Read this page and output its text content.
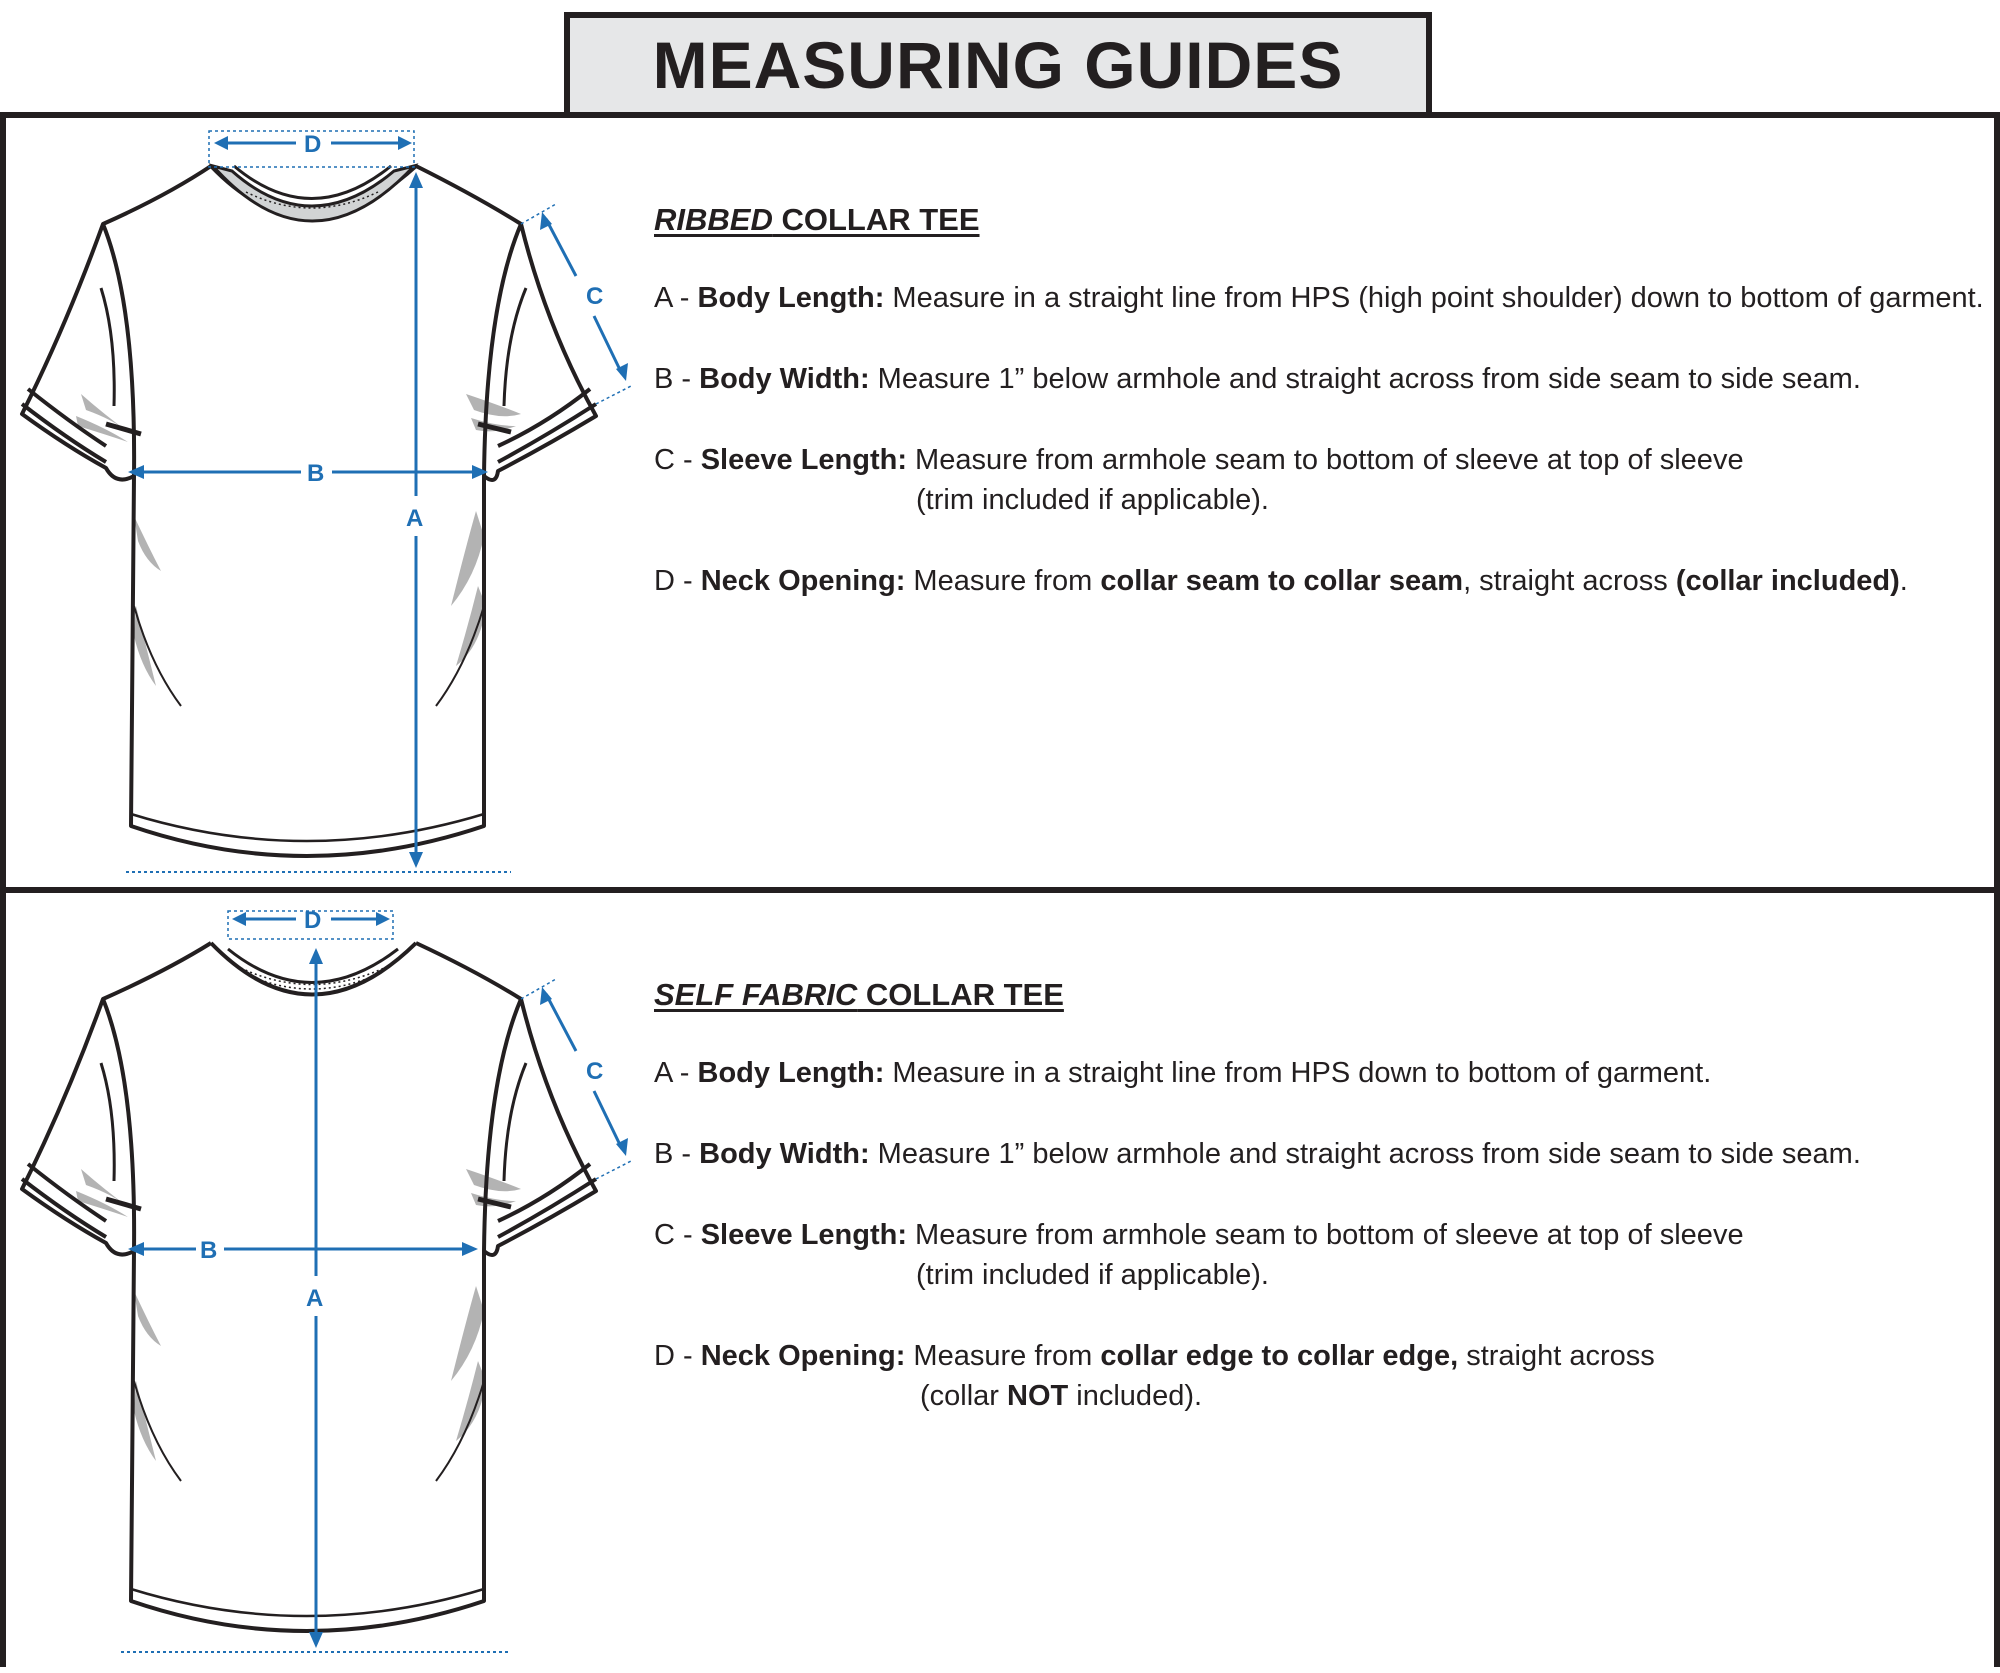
MEASURING GUIDES
D
A
B
C
RIBBED COLLAR TEE
A - Body Length: Measure in a straight line from HPS (high point shoulder) down to bottom of garment.
B - Body Width: Measure 1” below armhole and straight across from side seam to side seam.
C - Sleeve Length: Measure from armhole seam to bottom of sleeve at top of sleeve
(trim included if applicable).
D - Neck Opening: Measure from collar seam to collar seam, straight across (collar included).
D
A
B
C
SELF FABRIC COLLAR TEE
A - Body Length: Measure in a straight line from HPS down to bottom of garment.
B - Body Width: Measure 1” below armhole and straight across from side seam to side seam.
C - Sleeve Length: Measure from armhole seam to bottom of sleeve at top of sleeve
(trim included if applicable).
D - Neck Opening: Measure from collar edge to collar edge, straight across
(collar NOT included).
